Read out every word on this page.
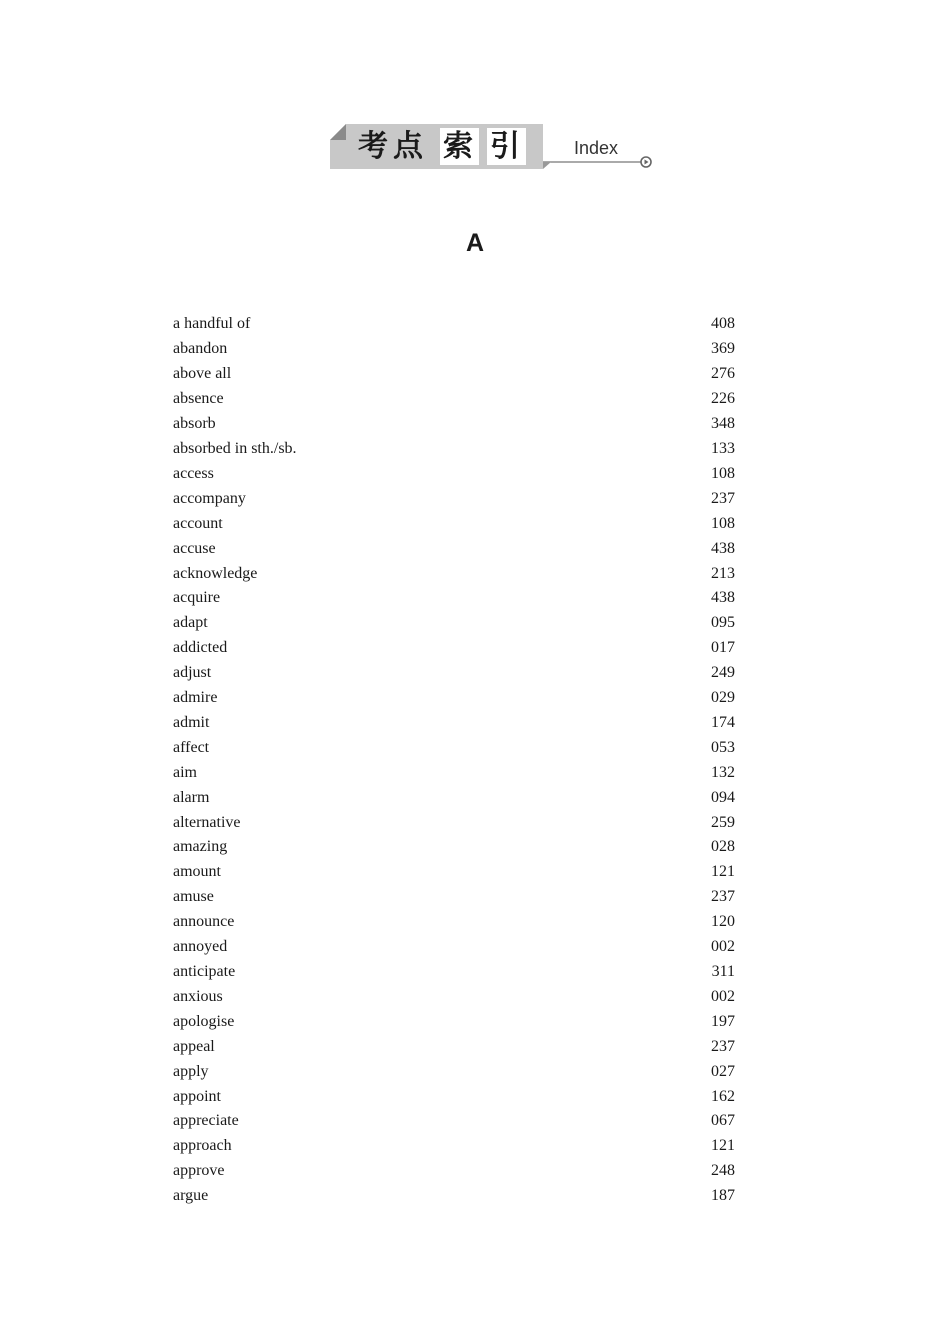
考 点 索 引	Index
A
a handful of	408
abandon	369
above all	276
absence	226
absorb	348
absorbed in sth./sb.	133
access	108
accompany	237
account	108
accuse	438
acknowledge	213
acquire	438
adapt	095
addicted	017
adjust	249
admire	029
admit	174
affect	053
aim	132
alarm	094
alternative	259
amazing	028
amount	121
amuse	237
announce	120
annoyed	002
anticipate	311
anxious	002
apologise	197
appeal	237
apply	027
appoint	162
appreciate	067
approach	121
approve	248
argue	187
